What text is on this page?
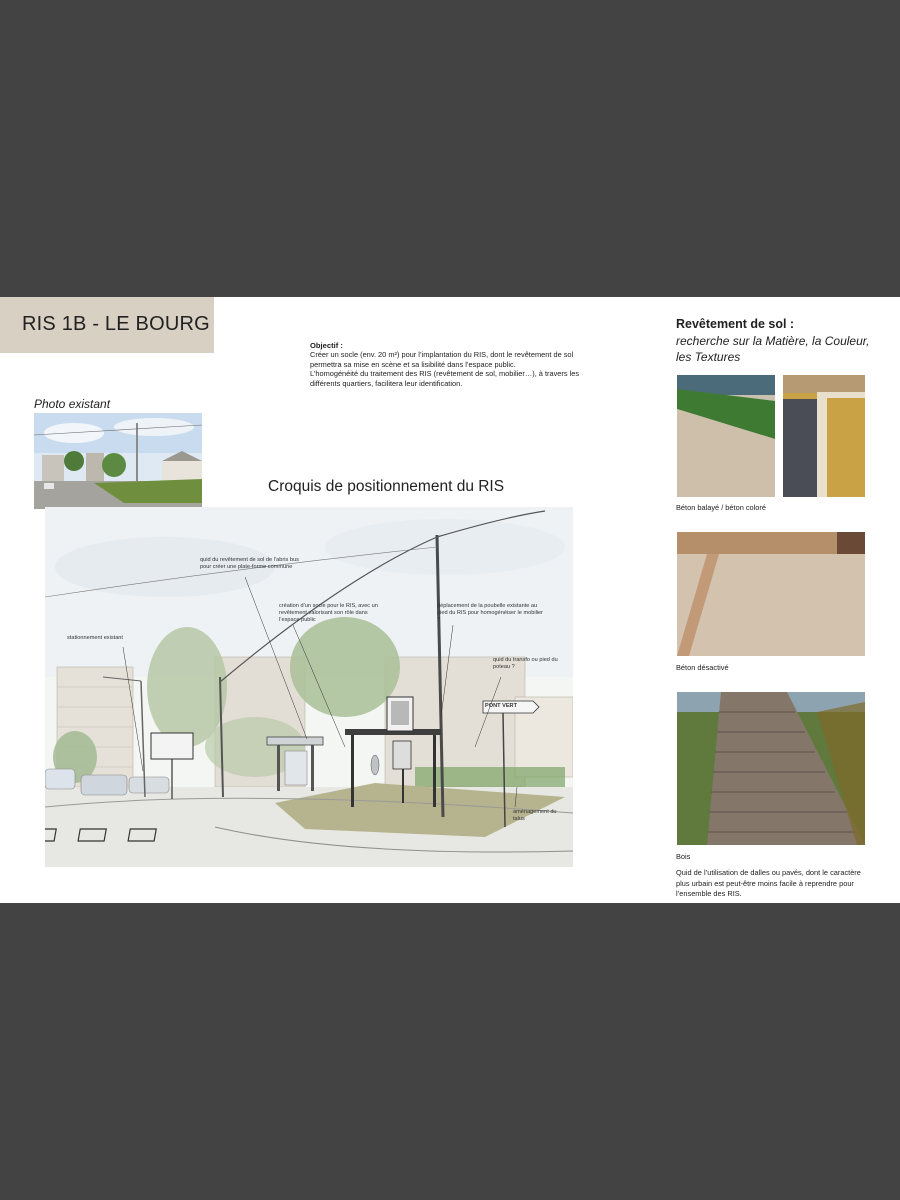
RIS 1B - LE BOURG
Objectif :
Créer un socle (env. 20 m²) pour l’implantation du RIS, dont le revêtement de sol permettra sa mise en scène et sa lisibilité dans l’espace public.
L’homogénéité du traitement des RIS (revêtement de sol, mobilier…), à travers les différents quartiers, facilitera leur identification.
Photo existant
Croquis de positionnement du RIS
quid du revêtement de sol de l’abris bus pour créer une plate-forme commune
création d’un socle pour le RIS, avec un revêtement valorisant son rôle dans l’espace public
déplacement de la poubelle existante au pied du RIS pour homogénéiser le mobilier ?
stationnement existant
quid du transfo ou pied du poteau ?
aménagement du talus
PONT VERT
Revêtement de sol :
recherche sur la Matière, la Couleur, les Textures
Béton balayé / béton coloré
Béton désactivé
Bois
Quid de l’utilisation de dalles ou pavés, dont le caractère plus urbain est peut-être moins facile à reprendre pour l’ensemble des RIS.
